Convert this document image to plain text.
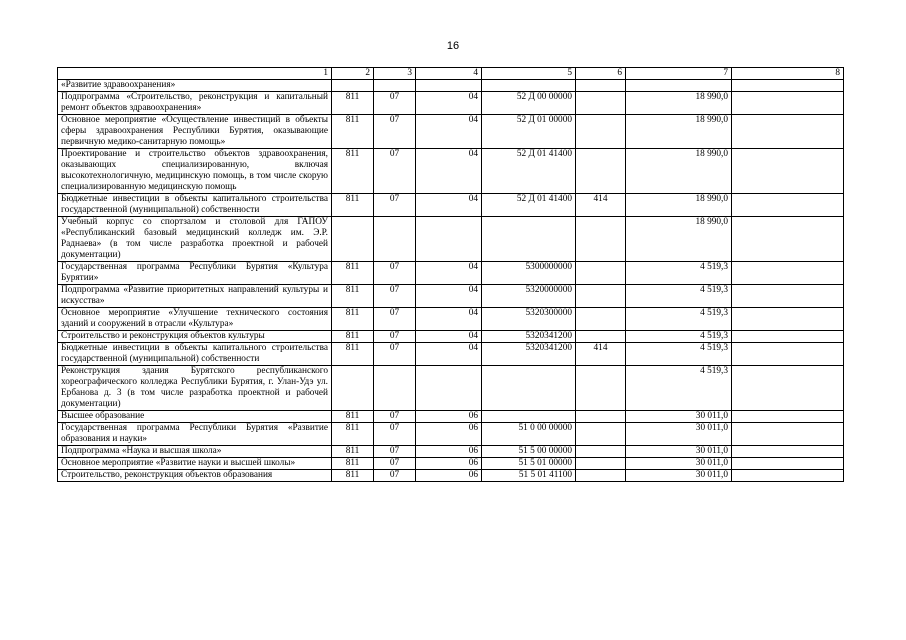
16
1	2	3	4	5	6	7	8
«Развитие здравоохранения»							
Подпрограмма «Строительство, реконструкция и капитальный ремонт объектов здравоохранения»	811	07	04	52 Д 00 00000		18 990,0	
Основное мероприятие «Осуществление инвестиций в объекты сферы здравоохранения Республики Бурятия, оказывающие первичную медико-санитарную помощь»	811	07	04	52 Д 01 00000		18 990,0	
Проектирование и строительство объектов здравоохранения, оказывающих специализированную, включая высокотехнологичную, медицинскую помощь, в том числе скорую специализированную медицинскую помощь	811	07	04	52 Д 01 41400		18 990,0	
Бюджетные инвестиции в объекты капитального строительства государственной (муниципальной) собственности	811	07	04	52 Д 01 41400	414	18 990,0	
Учебный корпус со спортзалом и столовой для ГАПОУ «Республиканский базовый медицинский колледж им. Э.Р. Раднаева» (в том числе разработка проектной и рабочей документации)						18 990,0	
Государственная программа Республики Бурятия «Культура Бурятии»	811	07	04	5300000000		4 519,3	
Подпрограмма «Развитие приоритетных направлений культуры и искусства»	811	07	04	5320000000		4 519,3	
Основное мероприятие «Улучшение технического состояния зданий и сооружений в отрасли «Культура»	811	07	04	5320300000		4 519,3	
Строительство и реконструкция объектов культуры	811	07	04	5320341200		4 519,3	
Бюджетные инвестиции в объекты капитального строительства государственной (муниципальной) собственности	811	07	04	5320341200	414	4 519,3	
Реконструкция здания Бурятского республиканского хореографического колледжа Республики Бурятия, г. Улан-Удэ ул. Ербанова д. 3 (в том числе разработка проектной и рабочей документации)						4 519,3	
Высшее образование	811	07	06			30 011,0	
Государственная программа Республики Бурятия «Развитие образования и науки»	811	07	06	51 0 00 00000		30 011,0	
Подпрограмма «Наука и высшая школа»	811	07	06	51 5 00 00000		30 011,0	
Основное мероприятие «Развитие науки и высшей школы»	811	07	06	51 5 01 00000		30 011,0	
Строительство, реконструкция объектов образования	811	07	06	51 5 01 41100		30 011,0	
